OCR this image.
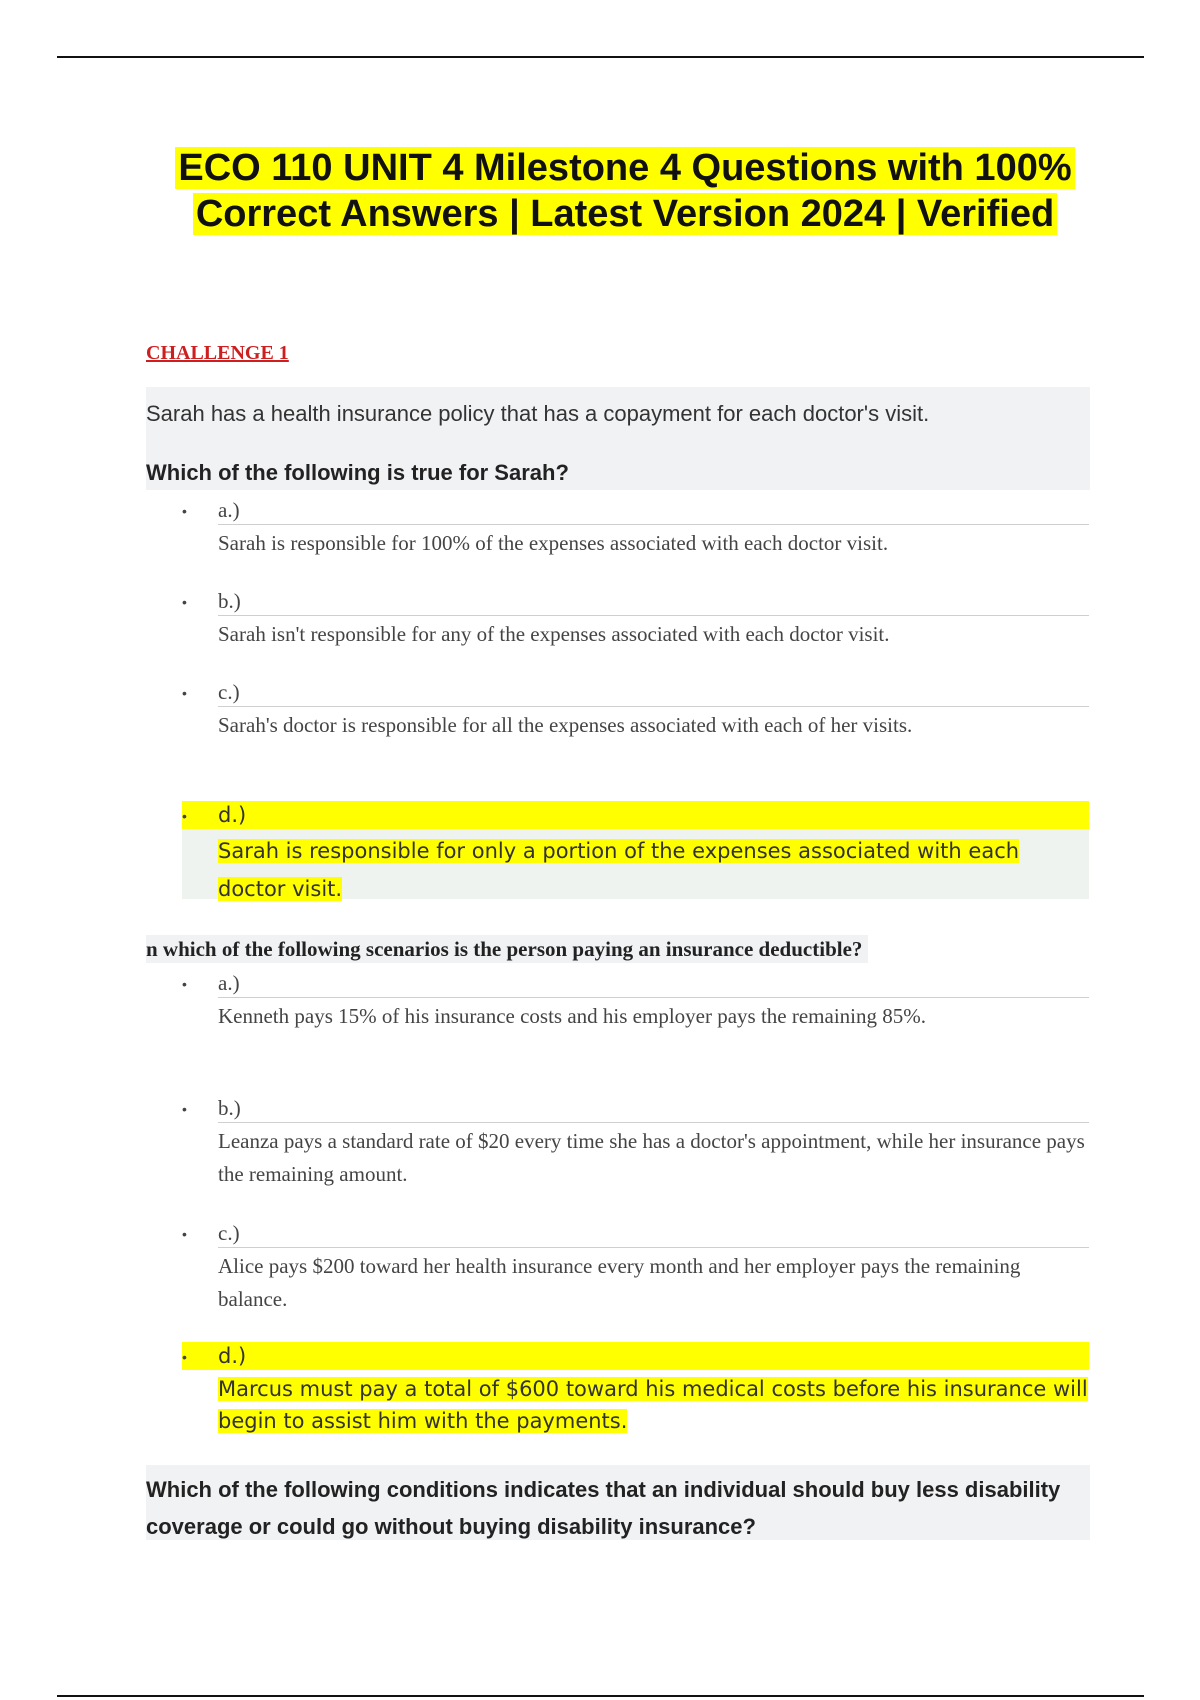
ECO 110 UNIT 4 Milestone 4 Questions with 100%
Correct Answers | Latest Version 2024 | Verified
CHALLENGE 1
Sarah has a health insurance policy that has a copayment for each doctor's visit.
Which of the following is true for Sarah?
• a.)
Sarah is responsible for 100% of the expenses associated with each doctor visit.
• b.)
Sarah isn't responsible for any of the expenses associated with each doctor visit.
• c.)
Sarah's doctor is responsible for all the expenses associated with each of her visits.
• d.)
Sarah is responsible for only a portion of the expenses associated with each doctor visit.
n which of the following scenarios is the person paying an insurance deductible?
• a.)
Kenneth pays 15% of his insurance costs and his employer pays the remaining 85%.
• b.)
Leanza pays a standard rate of $20 every time she has a doctor's appointment, while her insurance pays the remaining amount.
• c.)
Alice pays $200 toward her health insurance every month and her employer pays the remaining balance.
• d.)
Marcus must pay a total of $600 toward his medical costs before his insurance will begin to assist him with the payments.
Which of the following conditions indicates that an individual should buy less disability coverage or could go without buying disability insurance?
